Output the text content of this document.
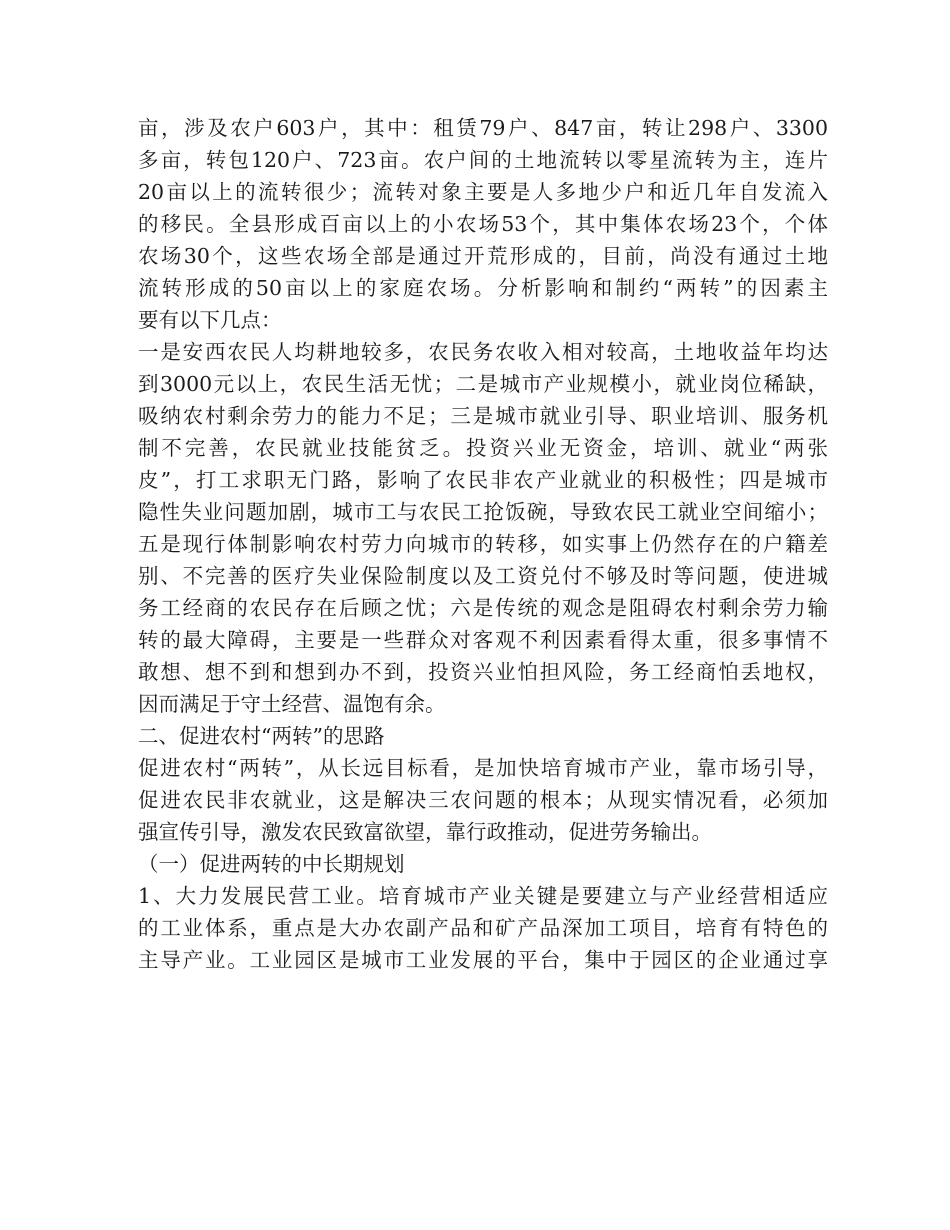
亩，涉及农户603户，其中：租赁79户、847亩，转让298户、3300
多亩，转包120户、723亩。农户间的土地流转以零星流转为主，连片
20亩以上的流转很少；流转对象主要是人多地少户和近几年自发流入
的移民。全县形成百亩以上的小农场53个，其中集体农场23个，个体
农场30个，这些农场全部是通过开荒形成的，目前，尚没有通过土地
流转形成的50亩以上的家庭农场。分析影响和制约“两转”的因素主
要有以下几点：
一是安西农民人均耕地较多，农民务农收入相对较高，土地收益年均达
到3000元以上，农民生活无忧；二是城市产业规模小，就业岗位稀缺，
吸纳农村剩余劳力的能力不足；三是城市就业引导、职业培训、服务机
制不完善，农民就业技能贫乏。投资兴业无资金，培训、就业“两张
皮”，打工求职无门路，影响了农民非农产业就业的积极性；四是城市
隐性失业问题加剧，城市工与农民工抢饭碗，导致农民工就业空间缩小；
五是现行体制影响农村劳力向城市的转移，如实事上仍然存在的户籍差
别、不完善的医疗失业保险制度以及工资兑付不够及时等问题，使进城
务工经商的农民存在后顾之忧；六是传统的观念是阻碍农村剩余劳力输
转的最大障碍，主要是一些群众对客观不利因素看得太重，很多事情不
敢想、想不到和想到办不到，投资兴业怕担风险，务工经商怕丢地权，
因而满足于守土经营、温饱有余。
二、促进农村“两转”的思路
促进农村“两转”，从长远目标看，是加快培育城市产业，靠市场引导，
促进农民非农就业，这是解决三农问题的根本；从现实情况看，必须加
强宣传引导，激发农民致富欲望，靠行政推动，促进劳务输出。
（一）促进两转的中长期规划
1、大力发展民营工业。培育城市产业关键是要建立与产业经营相适应
的工业体系，重点是大办农副产品和矿产品深加工项目，培育有特色的
主导产业。工业园区是城市工业发展的平台，集中于园区的企业通过享
